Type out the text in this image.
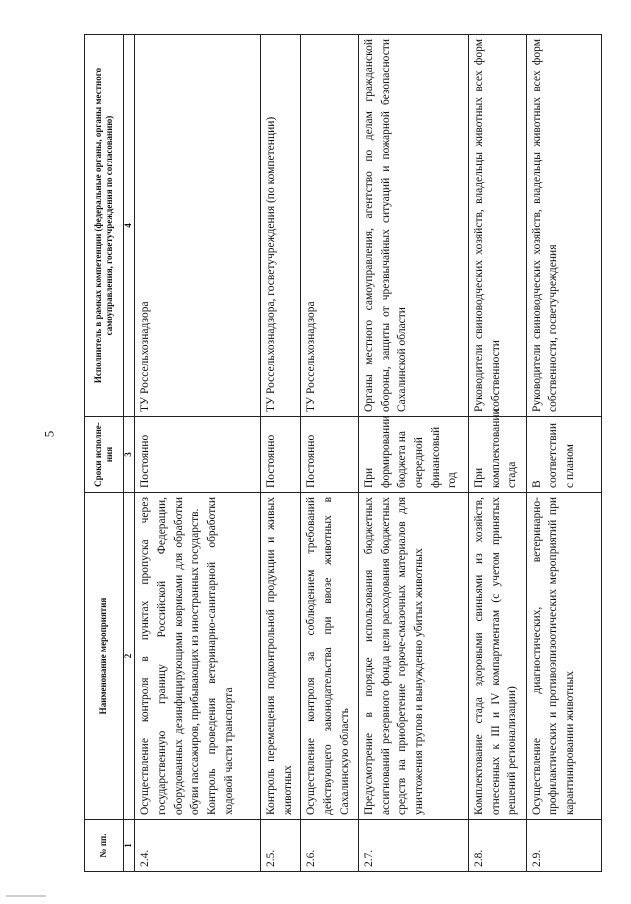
5
№ пп.	Наименование мероприятия	Сроки исполне-ния	Исполнитель в рамках компетенции (федеральные органы, органы местного самоуправления, госветучреждения по согласованию)
1	2	3	4
2.4.	Осуществление контроля в пунктах пропуска через государственную границу Российской Федерации, оборудованных дезинфицирующими ковриками для обработки обуви пассажиров, прибывающих из иностранных государств. Контроль проведения ветеринарно-санитарной обработки ходовой части транспорта	Постоянно	ТУ Россельхознадзора
2.5.	Контроль перемещения подконтрольной продукции и живых животных	Постоянно	ТУ Россельхознадзора, госветучреждения (по компетенции)
2.6.	Осуществление контроля за соблюдением требований действующего законодательства при ввозе животных в Сахалинскую область	Постоянно	ТУ Россельхознадзора
2.7.	Предусмотрение в порядке использования бюджетных ассигнований резервного фонда цели расходования бюджетных средств на приобретение горюче-смазочных материалов для уничтожения трупов и вынужденно убитых животных	При формировании бюджета на очередной финансовый год	Органы местного самоуправления, агентство по делам гражданской обороны, защиты от чрезвычайных ситуаций и пожарной безопасности Сахалинской области
2.8.	Комплектование стада здоровыми свиньями из хозяйств, отнесенных к III и IV компартментам (с учетом принятых решений регионализации)	При комплектовании стада	Руководители свиноводческих хозяйств, владельцы животных всех форм собственности
2.9.	Осуществление диагностических, ветеринарно-профилактических и противоэпизоотических мероприятий при карантинировании животных	В соответствии с планом	Руководители свиноводческих хозяйств, владельцы животных всех форм собственности, госветучреждения
